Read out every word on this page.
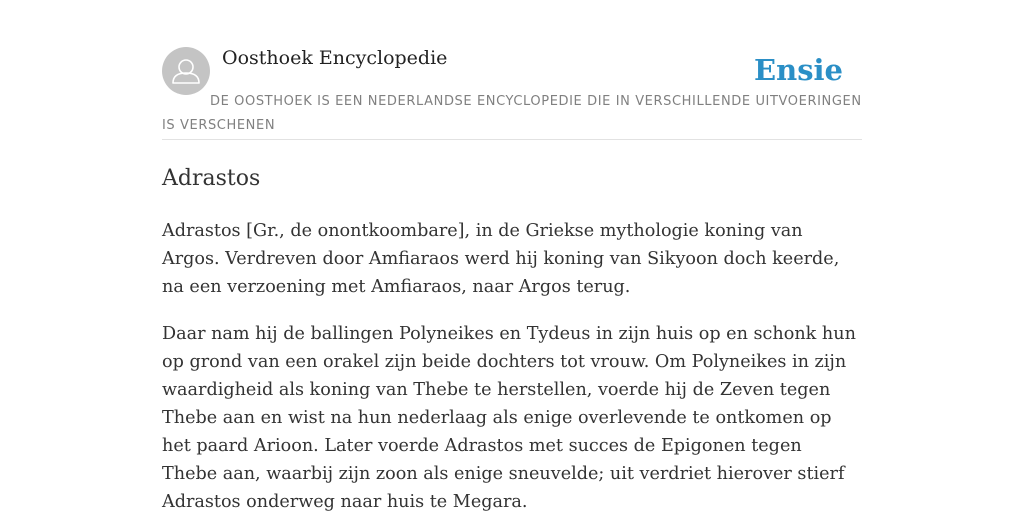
Oosthoek Encyclopedie	Ensie
DE OOSTHOEK IS EEN NEDERLANDSE ENCYCLOPEDIE DIE IN VERSCHILLENDE UITVOERINGEN IS VERSCHENEN
Adrastos

Adrastos [Gr., de onontkoombare], in de Griekse mythologie koning van Argos. Verdreven door Amfiaraos werd hij koning van Sikyoon doch keerde, na een verzoening met Amfiaraos, naar Argos terug.

Daar nam hij de ballingen Polyneikes en Tydeus in zijn huis op en schonk hun op grond van een orakel zijn beide dochters tot vrouw. Om Polyneikes in zijn waardigheid als koning van Thebe te herstellen, voerde hij de Zeven tegen Thebe aan en wist na hun nederlaag als enige overlevende te ontkomen op het paard Arioon. Later voerde Adrastos met succes de Epigonen tegen Thebe aan, waarbij zijn zoon als enige sneuvelde; uit verdriet hierover stierf Adrastos onderweg naar huis te Megara.
